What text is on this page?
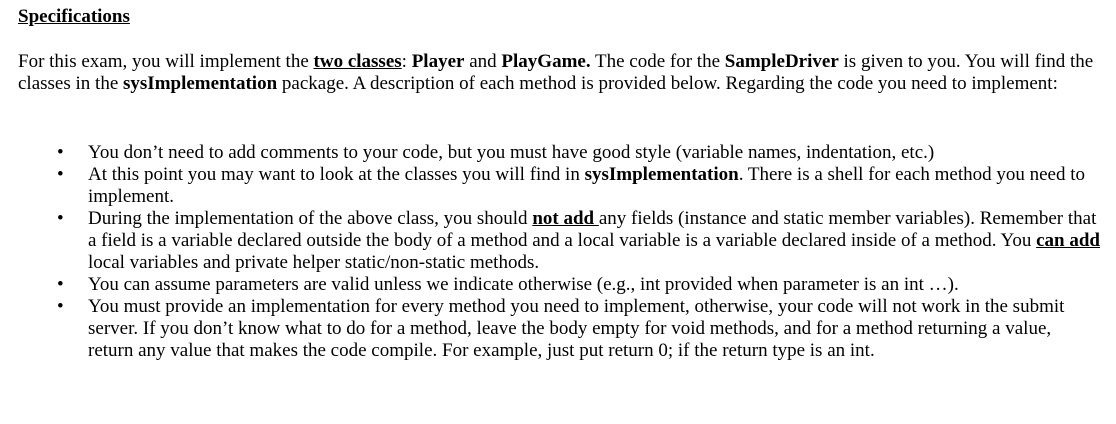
Specifications

For this exam, you will implement the two classes: Player and PlayGame. The code for the SampleDriver is given to you. You will find the classes in the sysImplementation package. A description of each method is provided below. Regarding the code you need to implement:

• You don’t need to add comments to your code, but you must have good style (variable names, indentation, etc.)
• At this point you may want to look at the classes you will find in sysImplementation. There is a shell for each method you need to implement.
• During the implementation of the above class, you should not add any fields (instance and static member variables). Remember that a field is a variable declared outside the body of a method and a local variable is a variable declared inside of a method. You can add local variables and private helper static/non-static methods.
• You can assume parameters are valid unless we indicate otherwise (e.g., int provided when parameter is an int …).
• You must provide an implementation for every method you need to implement, otherwise, your code will not work in the submit server. If you don’t know what to do for a method, leave the body empty for void methods, and for a method returning a value, return any value that makes the code compile. For example, just put return 0; if the return type is an int.
